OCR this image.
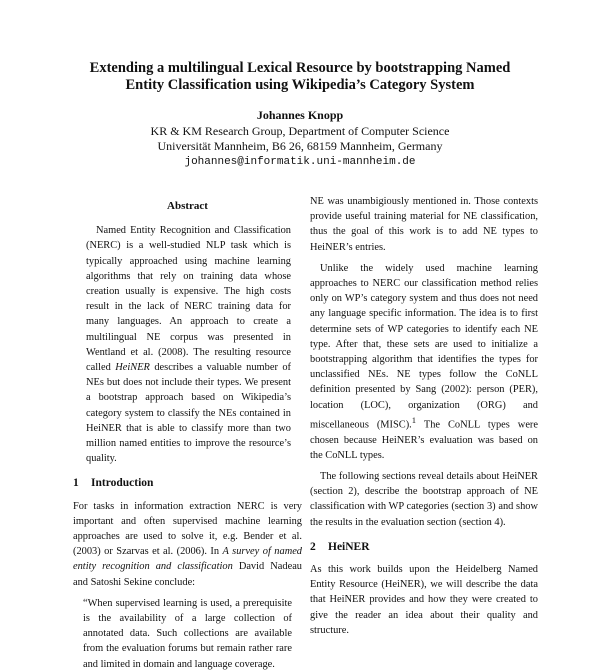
Extending a multilingual Lexical Resource by bootstrapping Named
Entity Classification using Wikipedia’s Category System
Johannes Knopp
KR & KM Research Group, Department of Computer Science
Universität Mannheim, B6 26, 68159 Mannheim, Germany
johannes@informatik.uni-mannheim.de
Abstract

Named Entity Recognition and Classification (NERC) is a well-studied NLP task which is typically approached using machine learning algorithms that rely on training data whose creation usually is expensive. The high costs result in the lack of NERC training data for many languages. An approach to create a multilingual NE corpus was presented in Wentland et al. (2008). The resulting resource called HeiNER describes a valuable number of NEs but does not include their types. We present a bootstrap approach based on Wikipedia’s category system to classify the NEs contained in HeiNER that is able to classify more than two million named entities to improve the resource’s quality.

1 Introduction

For tasks in information extraction NERC is very important and often supervised machine learning approaches are used to solve it, e.g. Bender et al. (2003) or Szarvas et al. (2006). In A survey of named entity recognition and classification David Nadeau and Satoshi Sekine conclude:

“When supervised learning is used, a prerequisite is the availability of a large collection of annotated data. Such collections are available from the evaluation forums but remain rather rare and limited in domain and language coverage.

NE was unambigiously mentioned in. Those contexts provide useful training material for NE classification, thus the goal of this work is to add NE types to HeiNER’s entries.

Unlike the widely used machine learning approaches to NERC our classification method relies only on WP’s category system and thus does not need any language specific information. The idea is to first determine sets of WP categories to identify each NE type. After that, these sets are used to initialize a bootstrapping algorithm that identifies the types for unclassified NEs. NE types follow the CoNLL definition presented by Sang (2002): person (PER), location (LOC), organization (ORG) and miscellaneous (MISC).$^1$ The CoNLL types were chosen because HeiNER’s evaluation was based on the CoNLL types.

The following sections reveal details about HeiNER (section 2), describe the bootstrap approach of NE classification with WP categories (section 3) and show the results in the evaluation section (section 4).

2 HeiNER

As this work builds upon the Heidelberg Named Entity Resource (HeiNER), we will describe the data that HeiNER provides and how they were created to give the reader an idea about their quality and structure.
